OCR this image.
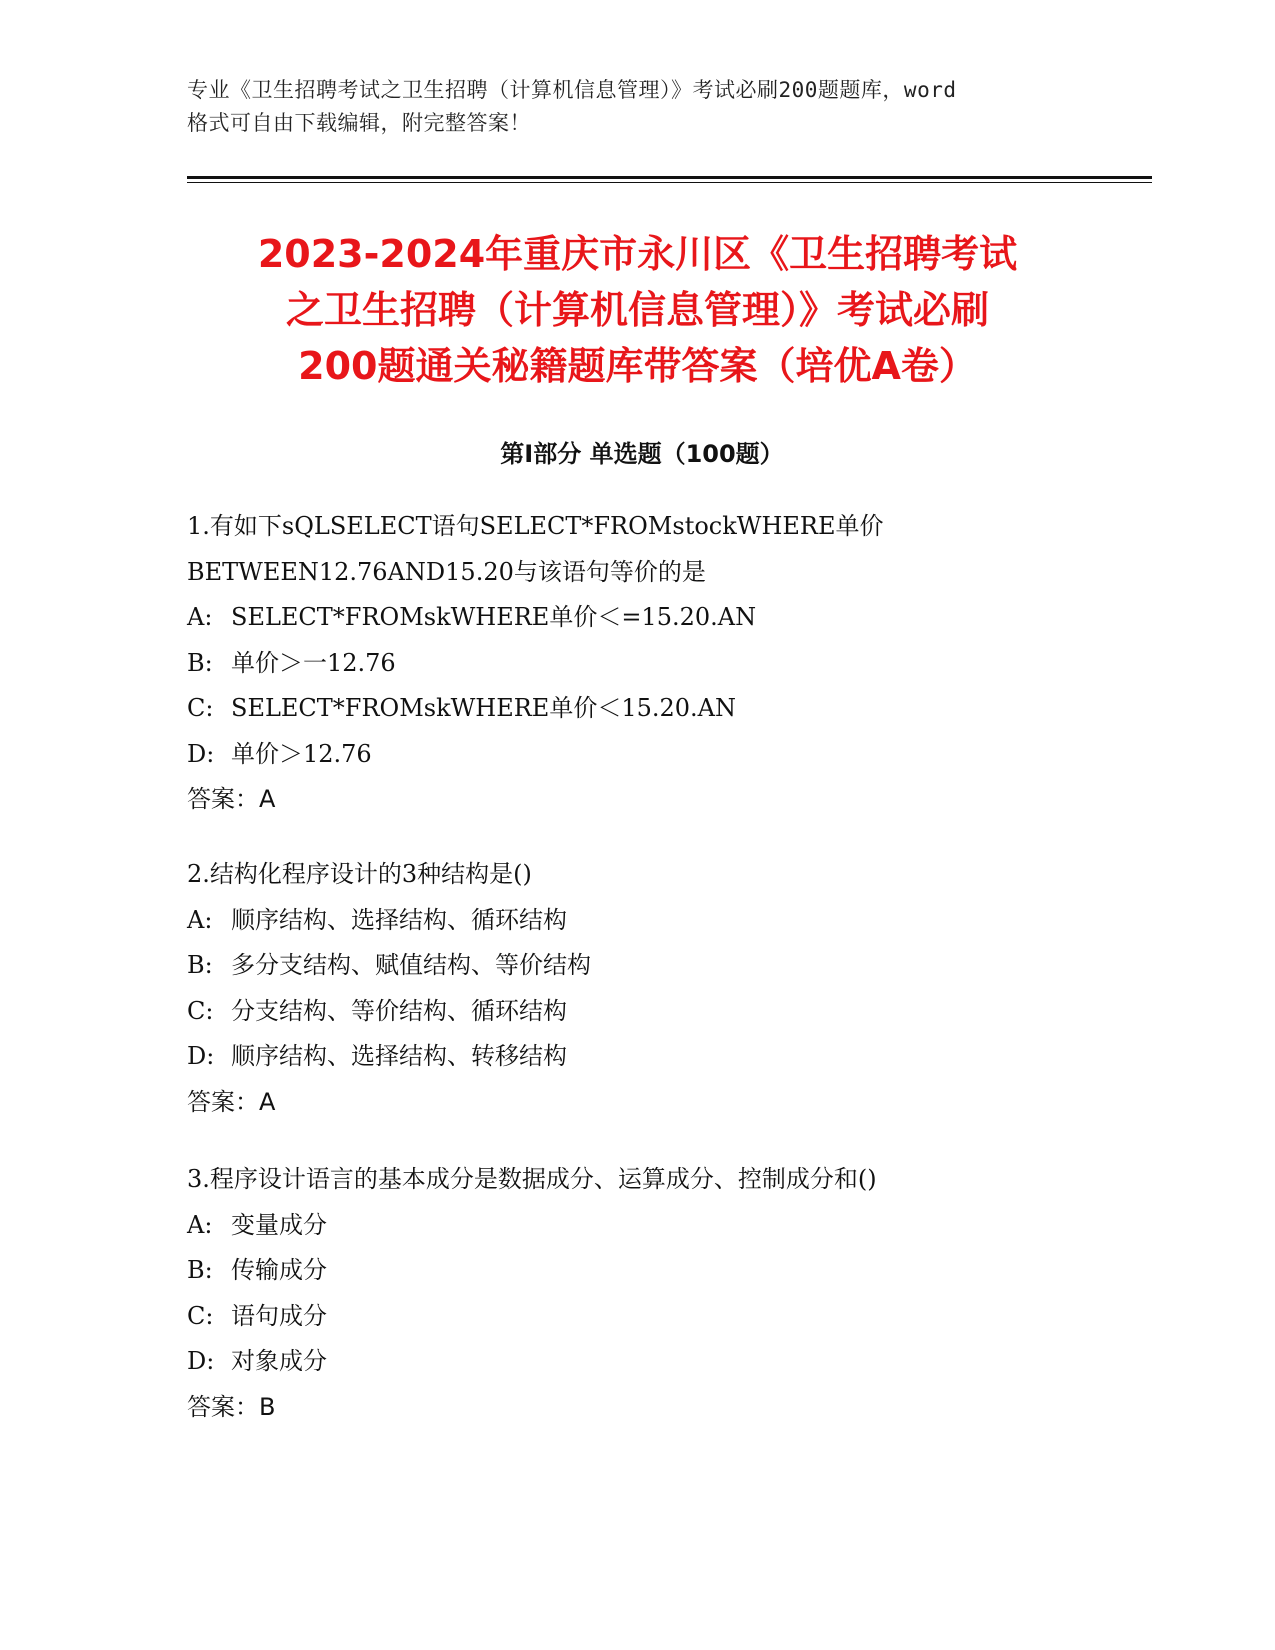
专业《卫生招聘考试之卫生招聘（计算机信息管理）》考试必刷200题题库，word
格式可自由下载编辑，附完整答案！
2023-2024年重庆市永川区《卫生招聘考试
之卫生招聘（计算机信息管理）》考试必刷
200题通关秘籍题库带答案（培优A卷）
第Ⅰ部分 单选题（100题）
1.有如下sQLSELECT语句SELECT*FROMstockWHERE单价
BETWEEN12.76AND15.20与该语句等价的是
A: SELECT*FROMskWHERE单价＜=15.20.AN
B: 单价＞一12.76
C: SELECT*FROMskWHERE单价＜15.20.AN
D: 单价＞12.76
答案：A
2.结构化程序设计的3种结构是()
A: 顺序结构、选择结构、循环结构
B: 多分支结构、赋值结构、等价结构
C: 分支结构、等价结构、循环结构
D: 顺序结构、选择结构、转移结构
答案：A
3.程序设计语言的基本成分是数据成分、运算成分、控制成分和()
A: 变量成分
B: 传输成分
C: 语句成分
D: 对象成分
答案：B
